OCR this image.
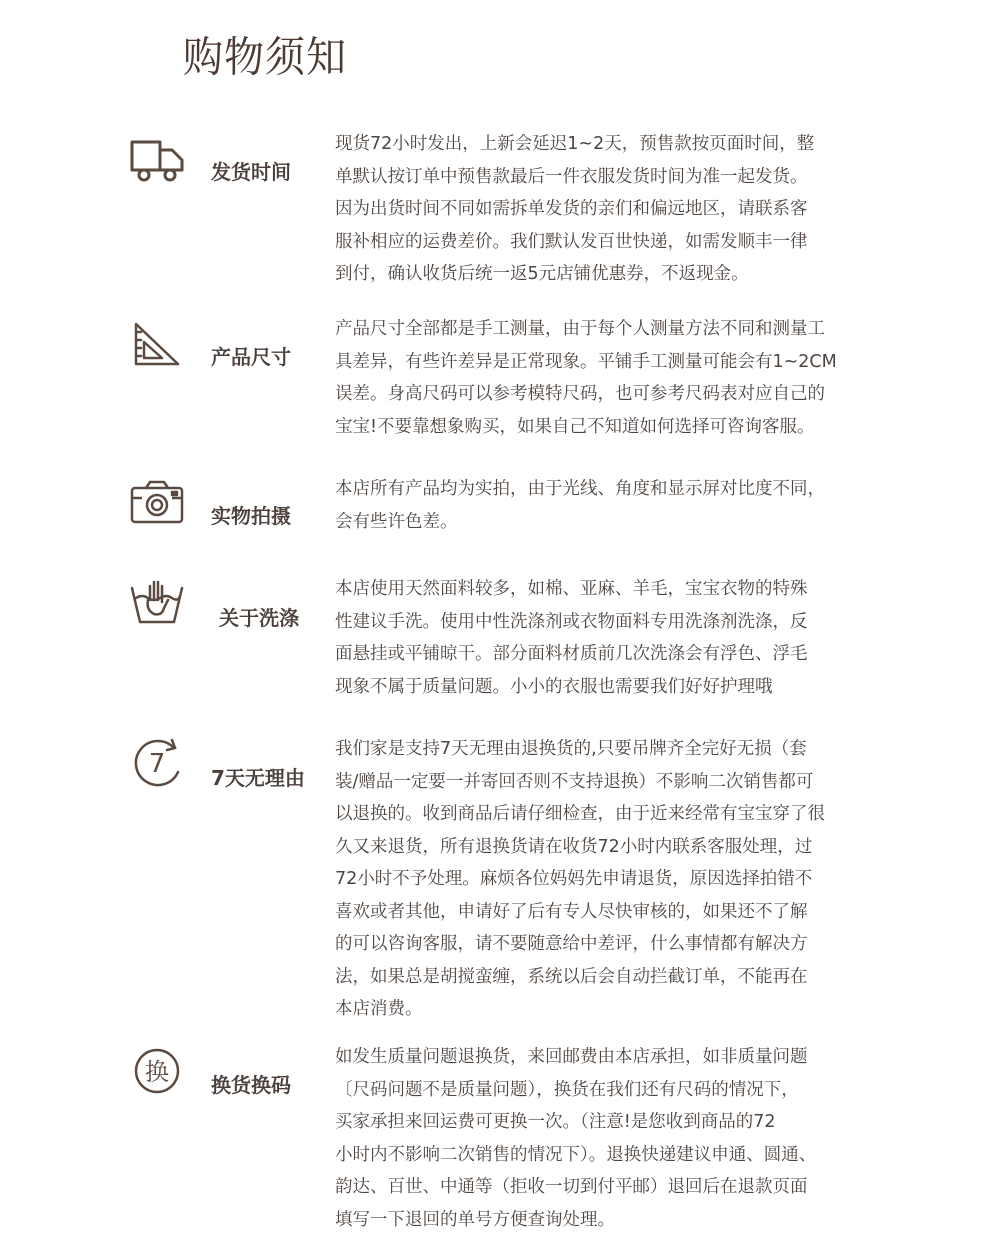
购物须知
发货时间
现货72小时发出，上新会延迟1~2天，预售款按页面时间，整
单默认按订单中预售款最后一件衣服发货时间为准一起发货。
因为出货时间不同如需拆单发货的亲们和偏远地区，请联系客
服补相应的运费差价。我们默认发百世快递，如需发顺丰一律
到付，确认收货后统一返5元店铺优惠券，不返现金。
产品尺寸
产品尺寸全部都是手工测量，由于每个人测量方法不同和测量工
具差异，有些许差异是正常现象。平铺手工测量可能会有1~2CM
误差。身高尺码可以参考模特尺码，也可参考尺码表对应自己的
宝宝!不要靠想象购买，如果自己不知道如何选择可咨询客服。
实物拍摄
本店所有产品均为实拍，由于光线、角度和显示屏对比度不同，
会有些许色差。
关于洗涤
本店使用天然面料较多，如棉、亚麻、羊毛，宝宝衣物的特殊
性建议手洗。使用中性洗涤剂或衣物面料专用洗涤剂洗涤，反
面悬挂或平铺晾干。部分面料材质前几次洗涤会有浮色、浮毛
现象不属于质量问题。小小的衣服也需要我们好好护理哦
7 7天无理由
我们家是支持7天无理由退换货的,只要吊牌齐全完好无损（套
装/赠品一定要一并寄回否则不支持退换）不影响二次销售都可
以退换的。收到商品后请仔细检查，由于近来经常有宝宝穿了很
久又来退货，所有退换货请在收货72小时内联系客服处理，过
72小时不予处理。麻烦各位妈妈先申请退货，原因选择拍错不
喜欢或者其他，申请好了后有专人尽快审核的，如果还不了解
的可以咨询客服，请不要随意给中差评，什么事情都有解决方
法，如果总是胡搅蛮缠，系统以后会自动拦截订单，不能再在
本店消费。
换 换货换码
如发生质量问题退换货，来回邮费由本店承担，如非质量问题
〔尺码问题不是质量问题），换货在我们还有尺码的情况下，
买家承担来回运费可更换一次。（注意!是您收到商品的72
小时内不影响二次销售的情况下）。退换快递建议申通、圆通、
韵达、百世、中通等（拒收一切到付平邮）退回后在退款页面
填写一下退回的单号方便查询处理。
